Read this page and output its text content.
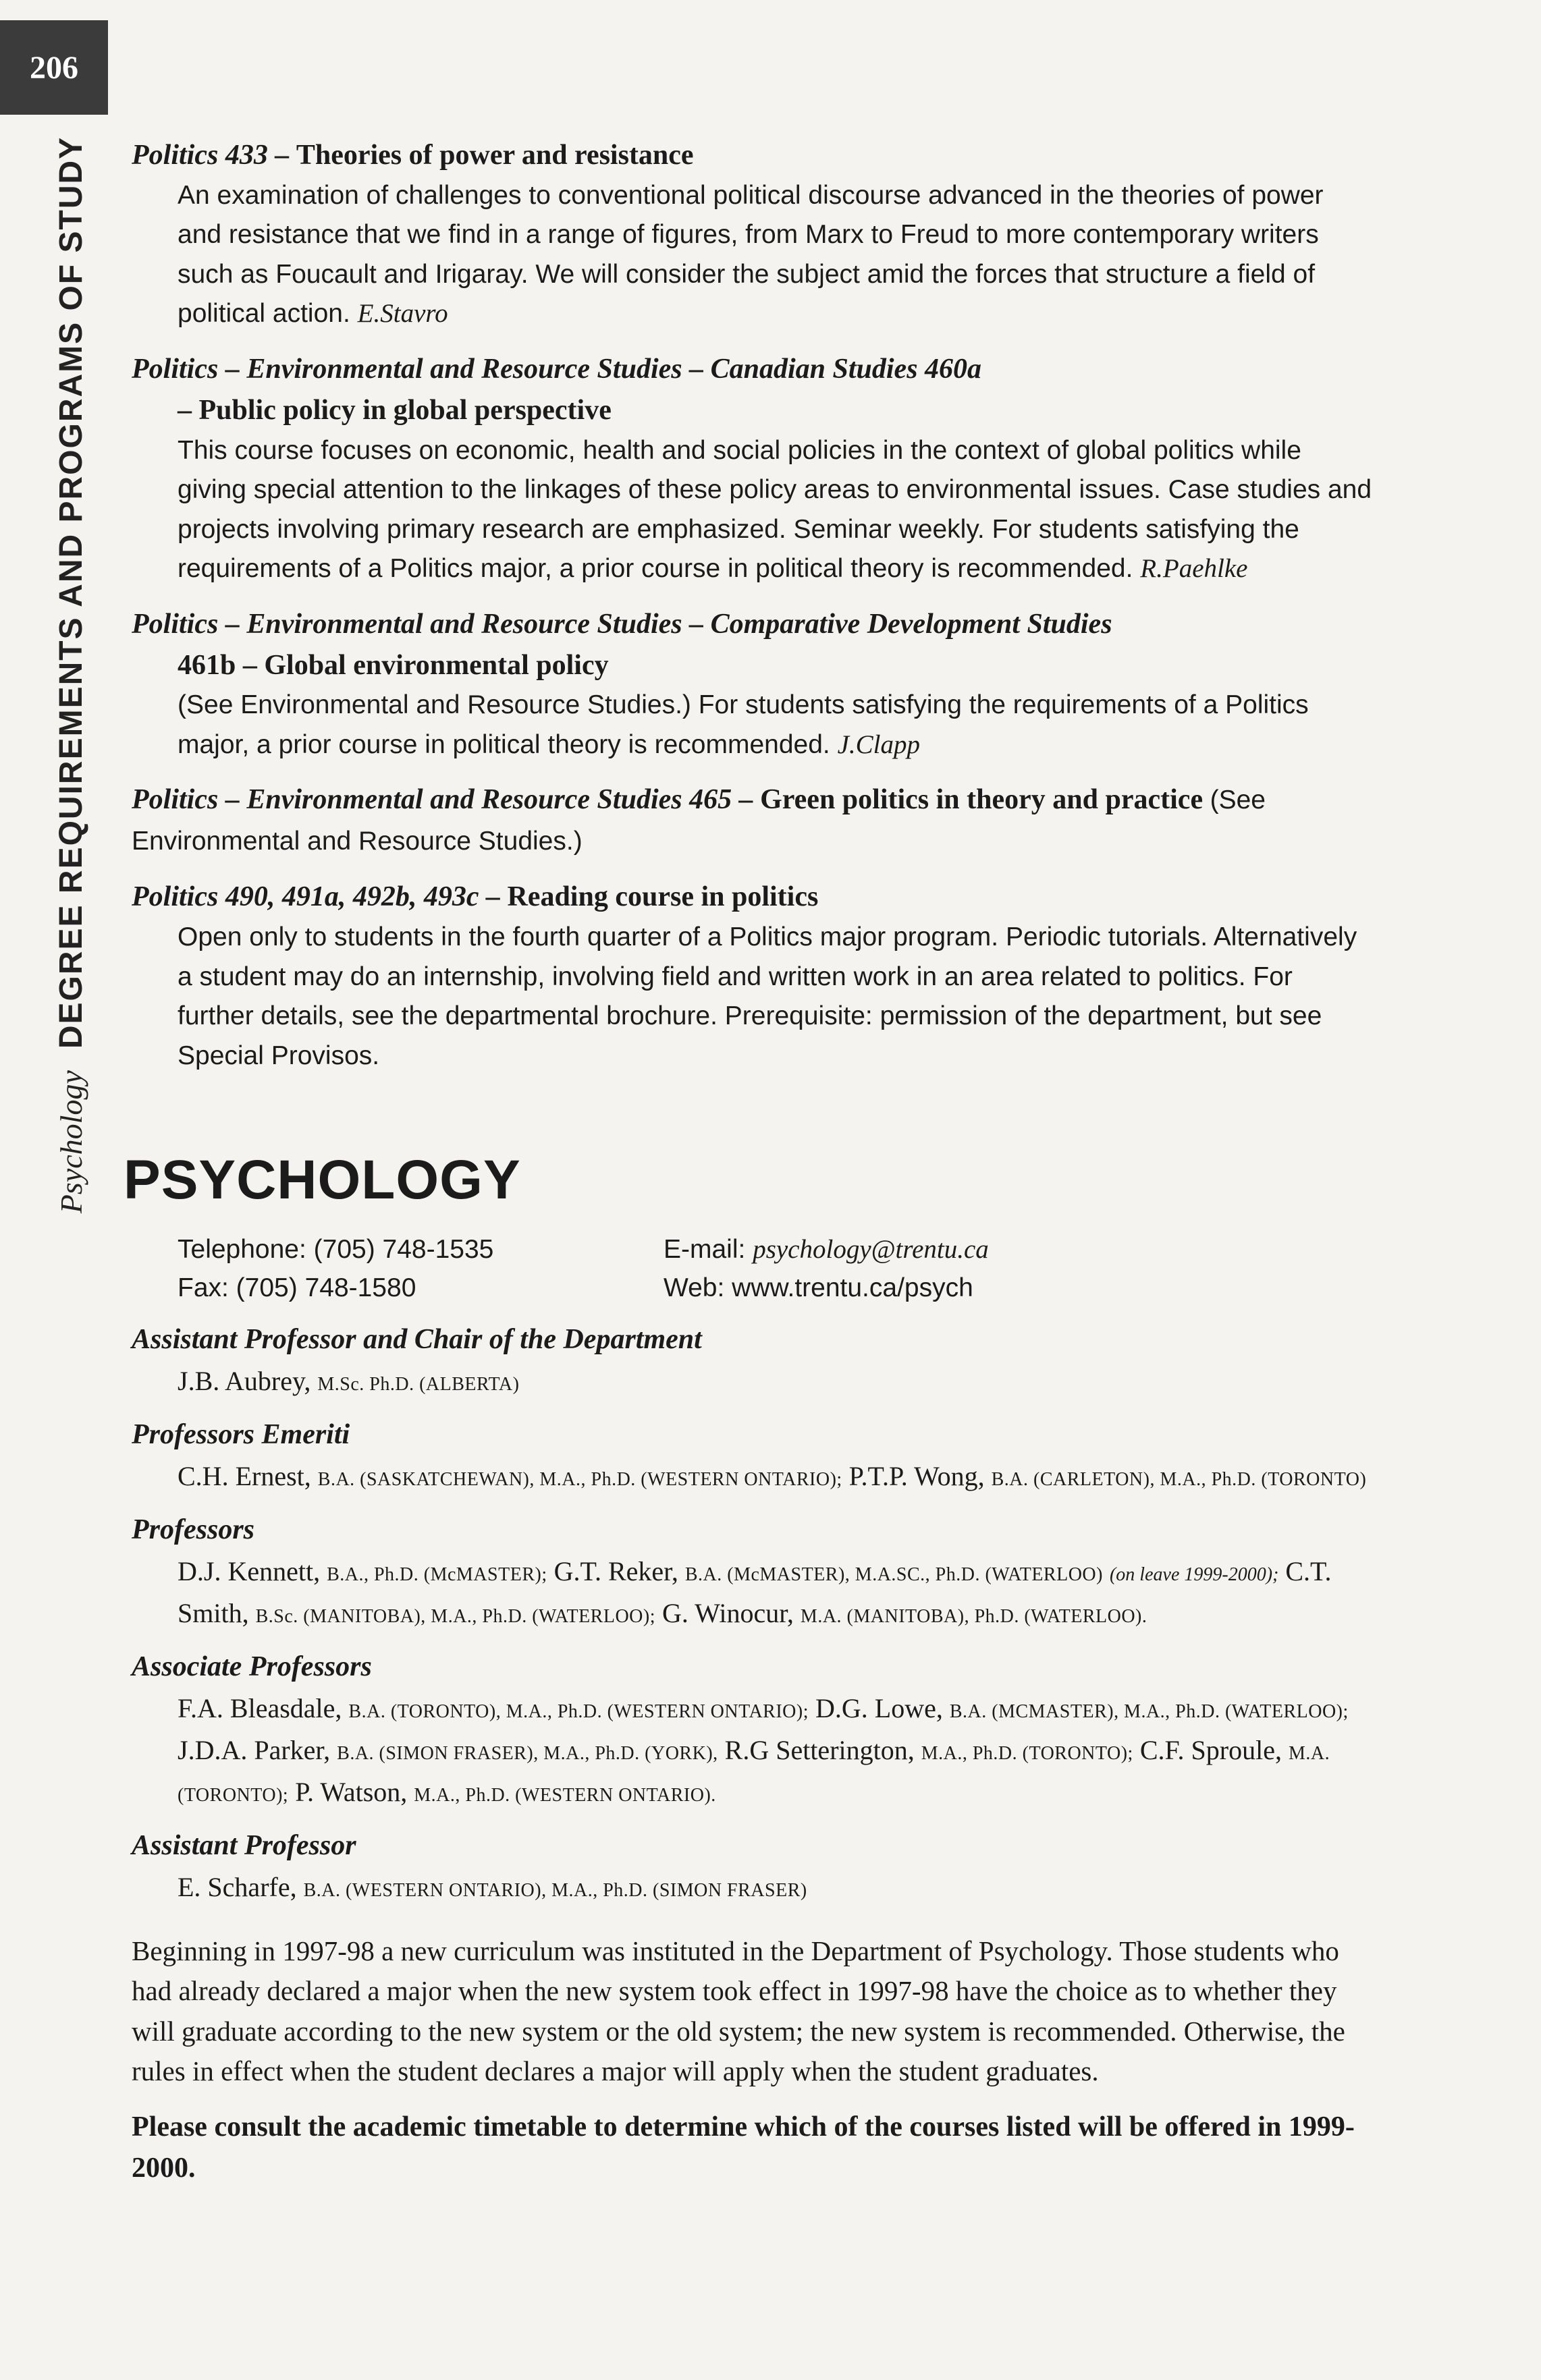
206
Psychology
DEGREE REQUIREMENTS AND PROGRAMS OF STUDY Politics 433 – Theories of power and resistance
An examination of challenges to conventional political discourse advanced in the theories of power and resistance that we find in a range of figures, from Marx to Freud to more contemporary writers such as Foucault and Irigaray. We will consider the subject amid the forces that structure a field of political action. E.Stavro
Politics – Environmental and Resource Studies – Canadian Studies 460a
– Public policy in global perspective
This course focuses on economic, health and social policies in the context of global politics while giving special attention to the linkages of these policy areas to environmental issues. Case studies and projects involving primary research are emphasized. Seminar weekly. For students satisfying the requirements of a Politics major, a prior course in political theory is recommended. R.Paehlke
Politics – Environmental and Resource Studies – Comparative Development Studies
461b – Global environmental policy
(See Environmental and Resource Studies.) For students satisfying the requirements of a Politics major, a prior course in political theory is recommended. J.Clapp
Politics – Environmental and Resource Studies 465 – Green politics in theory and practice (See Environmental and Resource Studies.)
Politics 490, 491a, 492b, 493c – Reading course in politics
Open only to students in the fourth quarter of a Politics major program. Periodic tutorials. Alternatively a student may do an internship, involving field and written work in an area related to politics. For further details, see the departmental brochure. Prerequisite: permission of the department, but see Special Provisos.
PSYCHOLOGY
Telephone: (705) 748-1535	E-mail: psychology@trentu.ca
Fax: (705) 748-1580	Web: www.trentu.ca/psych
Assistant Professor and Chair of the Department
J.B. Aubrey, M.Sc. Ph.D. (ALBERTA)
Professors Emeriti
C.H. Ernest, B.A. (SASKATCHEWAN), M.A., Ph.D. (WESTERN ONTARIO); P.T.P. Wong, B.A. (CARLETON), M.A., Ph.D. (TORONTO)
Professors
D.J. Kennett, B.A., Ph.D. (McMASTER); G.T. Reker, B.A. (McMASTER), M.A.SC., Ph.D. (WATERLOO) (on leave 1999-2000); C.T. Smith, B.Sc. (MANITOBA), M.A., Ph.D. (WATERLOO); G. Winocur, M.A. (MANITOBA), Ph.D. (WATERLOO).
Associate Professors
F.A. Bleasdale, B.A. (TORONTO), M.A., Ph.D. (WESTERN ONTARIO); D.G. Lowe, B.A. (MCMASTER), M.A., Ph.D. (WATERLOO); J.D.A. Parker, B.A. (SIMON FRASER), M.A., Ph.D. (YORK), R.G Setterington, M.A., Ph.D. (TORONTO); C.F. Sproule, M.A. (TORONTO); P. Watson, M.A., Ph.D. (WESTERN ONTARIO).
Assistant Professor
E. Scharfe, B.A. (WESTERN ONTARIO), M.A., Ph.D. (SIMON FRASER)
Beginning in 1997-98 a new curriculum was instituted in the Department of Psychology. Those students who had already declared a major when the new system took effect in 1997-98 have the choice as to whether they will graduate according to the new system or the old system; the new system is recommended. Otherwise, the rules in effect when the student declares a major will apply when the student graduates.
Please consult the academic timetable to determine which of the courses listed will be offered in 1999-2000.
